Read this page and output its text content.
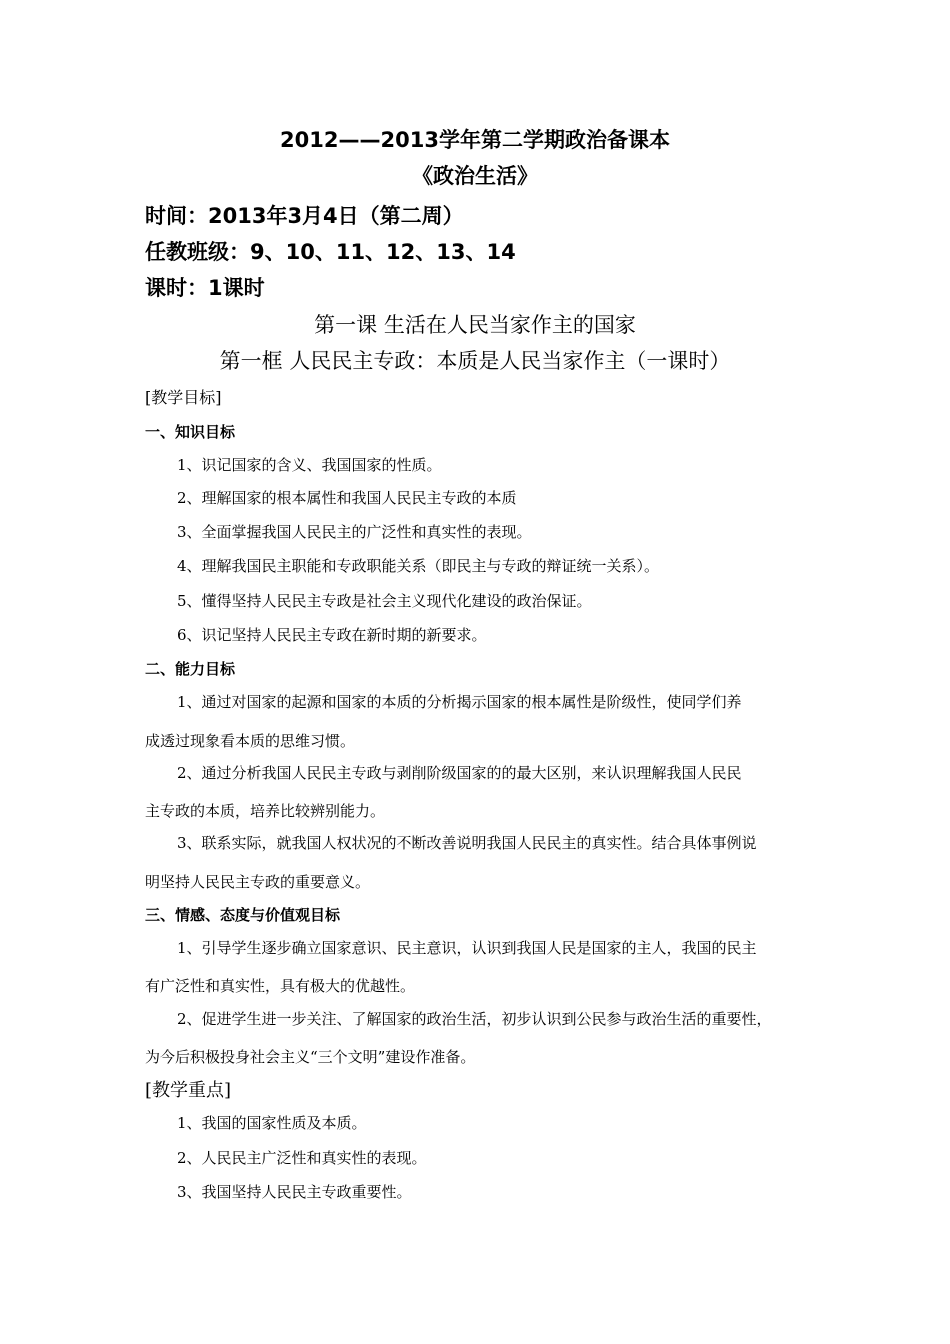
2012——2013学年第二学期政治备课本
《政治生活》
时间：2013年3月4日（第二周）
任教班级：9、10、11、12、13、14
课时：1课时
第一课 生活在人民当家作主的国家
第一框 人民民主专政：本质是人民当家作主（一课时）
[教学目标]
一、知识目标
1、识记国家的含义、我国国家的性质。
2、理解国家的根本属性和我国人民民主专政的本质
3、全面掌握我国人民民主的广泛性和真实性的表现。
4、理解我国民主职能和专政职能关系（即民主与专政的辩证统一关系）。
5、懂得坚持人民民主专政是社会主义现代化建设的政治保证。
6、识记坚持人民民主专政在新时期的新要求。
二、能力目标
1、通过对国家的起源和国家的本质的分析揭示国家的根本属性是阶级性，使同学们养
成透过现象看本质的思维习惯。
2、通过分析我国人民民主专政与剥削阶级国家的的最大区别，来认识理解我国人民民
主专政的本质，培养比较辨别能力。
3、联系实际，就我国人权状况的不断改善说明我国人民民主的真实性。结合具体事例说
明坚持人民民主专政的重要意义。
三、情感、态度与价值观目标
1、引导学生逐步确立国家意识、民主意识，认识到我国人民是国家的主人，我国的民主
有广泛性和真实性，具有极大的优越性。
2、促进学生进一步关注、了解国家的政治生活，初步认识到公民参与政治生活的重要性，
为今后积极投身社会主义“三个文明”建设作准备。
[教学重点]
1、我国的国家性质及本质。
2、人民民主广泛性和真实性的表现。
3、我国坚持人民民主专政重要性。
